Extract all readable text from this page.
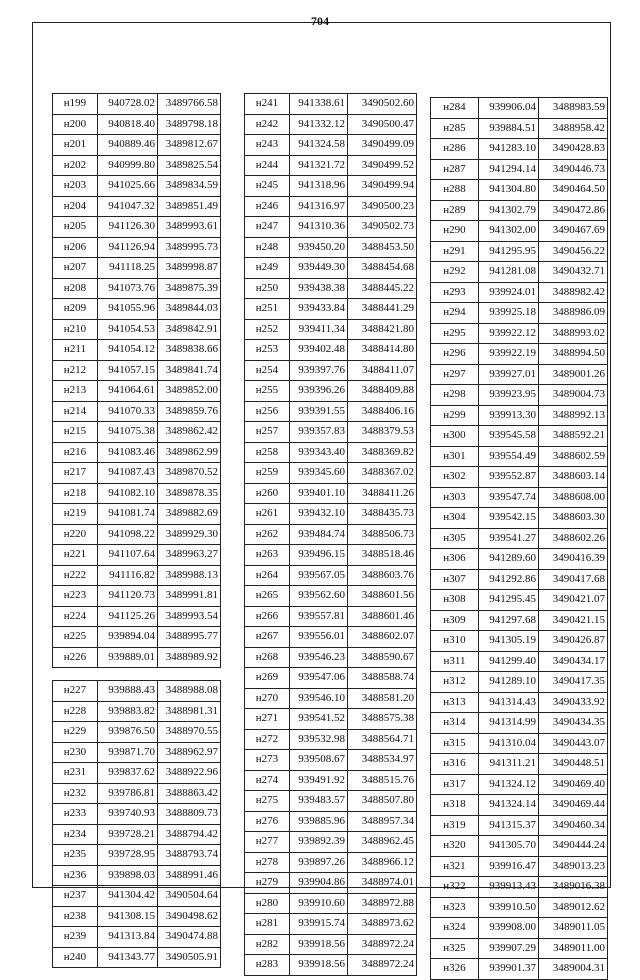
704
н199	940728.02	3489766.58
н200	940818.40	3489798.18
н201	940889.46	3489812.67
н202	940999.80	3489825.54
н203	941025.66	3489834.59
н204	941047.32	3489851.49
н205	941126.30	3489993.61
н206	941126.94	3489995.73
н207	941118.25	3489998.87
н208	941073.76	3489875.39
н209	941055.96	3489844.03
н210	941054.53	3489842.91
н211	941054.12	3489838.66
н212	941057.15	3489841.74
н213	941064.61	3489852.00
н214	941070.33	3489859.76
н215	941075.38	3489862.42
н216	941083.46	3489862.99
н217	941087.43	3489870.52
н218	941082.10	3489878.35
н219	941081.74	3489882.69
н220	941098.22	3489929.30
н221	941107.64	3489963.27
н222	941116.82	3489988.13
н223	941120.73	3489991.81
н224	941125.26	3489993.54
н225	939894.04	3488995.77
н226	939889.01	3488989.92

н227	939888.43	3488988.08
н228	939883.82	3488981.31
н229	939876.50	3488970.55
н230	939871.70	3488962.97
н231	939837.62	3488922.96
н232	939786.81	3488863.42
н233	939740.93	3488809.73
н234	939728.21	3488794.42
н235	939728.95	3488793.74
н236	939898.03	3488991.46
н237	941304.42	3490504.64
н238	941308.15	3490498.62
н239	941313.84	3490474.88
н240	941343.77	3490505.91
н241	941338.61	3490502.60
н242	941332.12	3490500.47
н243	941324.58	3490499.09
н244	941321.72	3490499.52
н245	941318.96	3490499.94
н246	941316.97	3490500.23
н247	941310.36	3490502.73
н248	939450.20	3488453.50
н249	939449.30	3488454.68
н250	939438.38	3488445.22
н251	939433.84	3488441.29
н252	939411.34	3488421.80
н253	939402.48	3488414.80
н254	939397.76	3488411.07
н255	939396.26	3488409.88
н256	939391.55	3488406.16
н257	939357.83	3488379.53
н258	939343.40	3488369.82
н259	939345.60	3488367.02
н260	939401.10	3488411.26
н261	939432.10	3488435.73
н262	939484.74	3488506.73
н263	939496.15	3488518.46
н264	939567.05	3488603.76
н265	939562.60	3488601.56
н266	939557.81	3488601.46
н267	939556.01	3488602.07
н268	939546.23	3488590.67
н269	939547.06	3488588.74
н270	939546.10	3488581.20
н271	939541.52	3488575.38
н272	939532.98	3488564.71
н273	939508.67	3488534.97
н274	939491.92	3488515.76
н275	939483.57	3488507.80
н276	939885.96	3488957.34
н277	939892.39	3488962.45
н278	939897.26	3488966.12
н279	939904.86	3488974.01
н280	939910.60	3488972.88
н281	939915.74	3488973.62
н282	939918.56	3488972.24
н283	939918.56	3488972.24
н284	939906.04	3488983.59
н285	939884.51	3488958.42
н286	941283.10	3490428.83
н287	941294.14	3490446.73
н288	941304.80	3490464.50
н289	941302.79	3490472.86
н290	941302.00	3490467.69
н291	941295.95	3490456.22
н292	941281.08	3490432.71
н293	939924.01	3488982.42
н294	939925.18	3488986.09
н295	939922.12	3488993.02
н296	939922.19	3488994.50
н297	939927.01	3489001.26
н298	939923.95	3489004.73
н299	939913.30	3488992.13
н300	939545.58	3488592.21
н301	939554.49	3488602.59
н302	939552.87	3488603.14
н303	939547.74	3488608.00
н304	939542.15	3488603.30
н305	939541.27	3488602.26
н306	941289.60	3490416.39
н307	941292.86	3490417.68
н308	941295.45	3490421.07
н309	941297.68	3490421.15
н310	941305.19	3490426.87
н311	941299.40	3490434.17
н312	941289.10	3490417.35
н313	941314.43	3490433.92
н314	941314.99	3490434.35
н315	941310.04	3490443.07
н316	941311.21	3490448.51
н317	941324.12	3490469.40
н318	941324.14	3490469.44
н319	941315.37	3490460.34
н320	941305.70	3490444.24
н321	939916.47	3489013.23
н322	939913.43	3489016.38
н323	939910.50	3489012.62
н324	939908.00	3489011.05
н325	939907.29	3489011.00
н326	939901.37	3489004.31
